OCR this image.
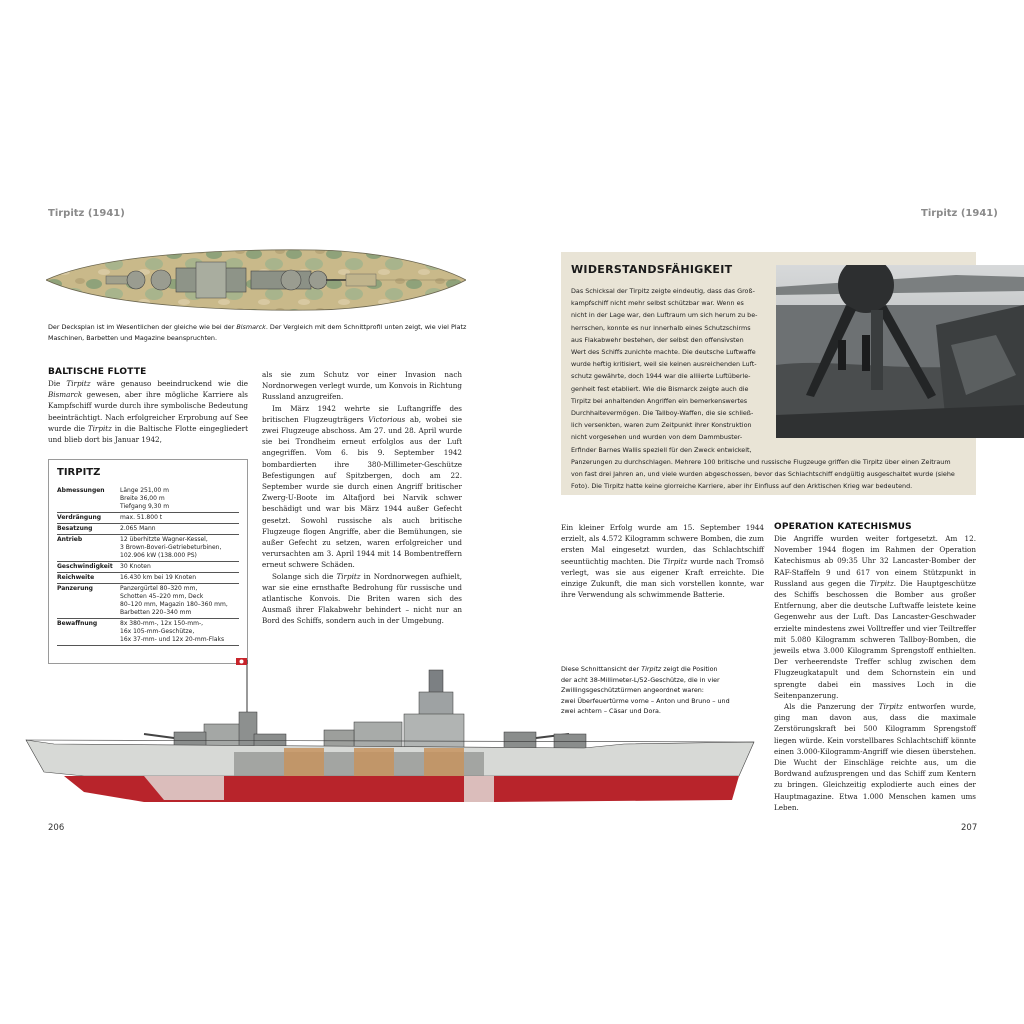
Tirpitz (1941)	Tirpitz (1941)
Der Decksplan ist im Wesentlichen der gleiche wie bei der Bismarck. Der Vergleich mit dem Schnittprofil unten zeigt, wie viel Platz
Maschinen, Barbetten und Magazine beanspruchten.
BALTISCHE FLOTTE

Die Tirpitz wäre genauso beeindruckend wie die Bismarck gewesen, aber ihre mögliche Karriere als Kampfschiff wurde durch ihre symbolische Bedeutung beeinträchtigt. Nach erfolgreicher Erprobung auf See wurde die Tirpitz in die Baltische Flotte eingegliedert und blieb dort bis Januar 1942,

TIRPITZ
Abmessungen	Länge 251,00 m
Breite 36,00 m
Tiefgang 9,30 m
Verdrängung	max. 51.800 t
Besatzung	2.065 Mann
Antrieb	12 überhitzte Wagner-Kessel,
3 Brown-Boveri-Getriebeturbinen,
102.906 kW (138.000 PS)
Geschwindigkeit	30 Knoten
Reichweite	16.430 km bei 19 Knoten
Panzerung	Panzergürtel 80–320 mm,
Schotten 45–220 mm, Deck
80–120 mm, Magazin 180–360 mm,
Barbetten 220–340 mm
Bewaffnung	8x 380-mm-, 12x 150-mm-,
16x 105-mm-Geschütze,
16x 37-mm- und 12x 20-mm-Flaks

als sie zum Schutz vor einer Invasion nach Nordnorwegen verlegt wurde, um Konvois in Richtung Russland anzugreifen.

Im März 1942 wehrte sie Luftangriffe des britischen Flugzeugträgers Victorious ab, wobei sie zwei Flugzeuge abschoss. Am 27. und 28. April wurde sie bei Trondheim erneut erfolglos aus der Luft angegriffen. Vom 6. bis 9. September 1942 bombardierten ihre 380-Millimeter-Geschütze Befestigungen auf Spitzbergen, doch am 22. September wurde sie durch einen Angriff britischer Zwerg-U-Boote im Altafjord bei Narvik schwer beschädigt und war bis März 1944 außer Gefecht gesetzt. Sowohl russische als auch britische Flugzeuge flogen Angriffe, aber die Bemühungen, sie außer Gefecht zu setzen, waren erfolgreicher und verursachten am 3. April 1944 mit 14 Bombentreffern erneut schwere Schäden.

Solange sich die Tirpitz in Nordnorwegen aufhielt, war sie eine ernsthafte Bedrohung für russische und atlantische Konvois. Die Briten waren sich des Ausmaß ihrer Flakabwehr behindert – nicht nur an Bord des Schiffs, sondern auch in der Umgebung.

WIDERSTANDSFÄHIGKEIT
Das Schicksal der Tirpitz zeigte eindeutig, dass das Groß-
kampfschiff nicht mehr selbst schützbar war. Wenn es
nicht in der Lage war, den Luftraum um sich herum zu be-
herrschen, konnte es nur innerhalb eines Schutzschirms
aus Flakabwehr bestehen, der selbst den offensivsten
Wert des Schiffs zunichte machte. Die deutsche Luftwaffe
wurde heftig kritisiert, weil sie keinen ausreichenden Luft-
schutz gewährte, doch 1944 war die alliierte Luftüberle-
genheit fest etabliert. Wie die Bismarck zeigte auch die
Tirpitz bei anhaltenden Angriffen ein bemerkenswertes
Durchhaltevermögen. Die Tallboy-Waffen, die sie schließ-
lich versenkten, waren zum Zeitpunkt ihrer Konstruktion
nicht vorgesehen und wurden von dem Dammbuster-
Erfinder Barnes Wallis speziell für den Zweck entwickelt,
Panzerungen zu durchschlagen. Mehrere 100 britische und russische Flugzeuge griffen die Tirpitz über einen Zeitraum
von fast drei Jahren an, und viele wurden abgeschossen, bevor das Schlachtschiff endgültig ausgeschaltet wurde (siehe
Foto). Die Tirpitz hatte keine glorreiche Karriere, aber ihr Einfluss auf den Arktischen Krieg war bedeutend.

Ein kleiner Erfolg wurde am 15. September 1944 erzielt, als 4.572 Kilogramm schwere Bomben, die zum ersten Mal eingesetzt wurden, das Schlachtschiff seeuntüchtig machten. Die Tirpitz wurde nach Tromsö verlegt, was sie aus eigener Kraft erreichte. Die einzige Zukunft, die man sich vorstellen konnte, war ihre Verwendung als schwimmende Batterie.

Diese Schnittansicht der Tirpitz zeigt die Position
der acht 38-Millimeter-L/52-Geschütze, die in vier
Zwillingsgeschütztürmen angeordnet waren:
zwei Überfeuertürme vorne – Anton und Bruno – und
zwei achtern – Cäsar und Dora.
OPERATION KATECHISMUS

Die Angriffe wurden weiter fortgesetzt. Am 12. November 1944 flogen im Rahmen der Operation Katechismus ab 09:35 Uhr 32 Lancaster-Bomber der RAF-Staffeln 9 und 617 von einem Stützpunkt in Russland aus gegen die Tirpitz. Die Hauptgeschütze des Schiffs beschossen die Bomber aus großer Entfernung, aber die deutsche Luftwaffe leistete keine Gegenwehr aus der Luft. Das Lancaster-Geschwader erzielte mindestens zwei Volltreffer und vier Teiltreffer mit 5.080 Kilogramm schweren Tallboy-Bomben, die jeweils etwa 3.000 Kilogramm Sprengstoff enthielten. Der verheerendste Treffer schlug zwischen dem Flugzeugkatapult und dem Schornstein ein und sprengte dabei ein massives Loch in die Seitenpanzerung.

Als die Panzerung der Tirpitz entworfen wurde, ging man davon aus, dass die maximale Zerstörungskraft bei 500 Kilogramm Sprengstoff liegen würde. Kein vorstellbares Schlachtschiff könnte einen 3.000-Kilogramm-Angriff wie diesen überstehen. Die Wucht der Einschläge reichte aus, um die Bordwand aufzusprengen und das Schiff zum Kentern zu bringen. Gleichzeitig explodierte auch eines der Hauptmagazine. Etwa 1.000 Menschen kamen ums Leben.

206	207
